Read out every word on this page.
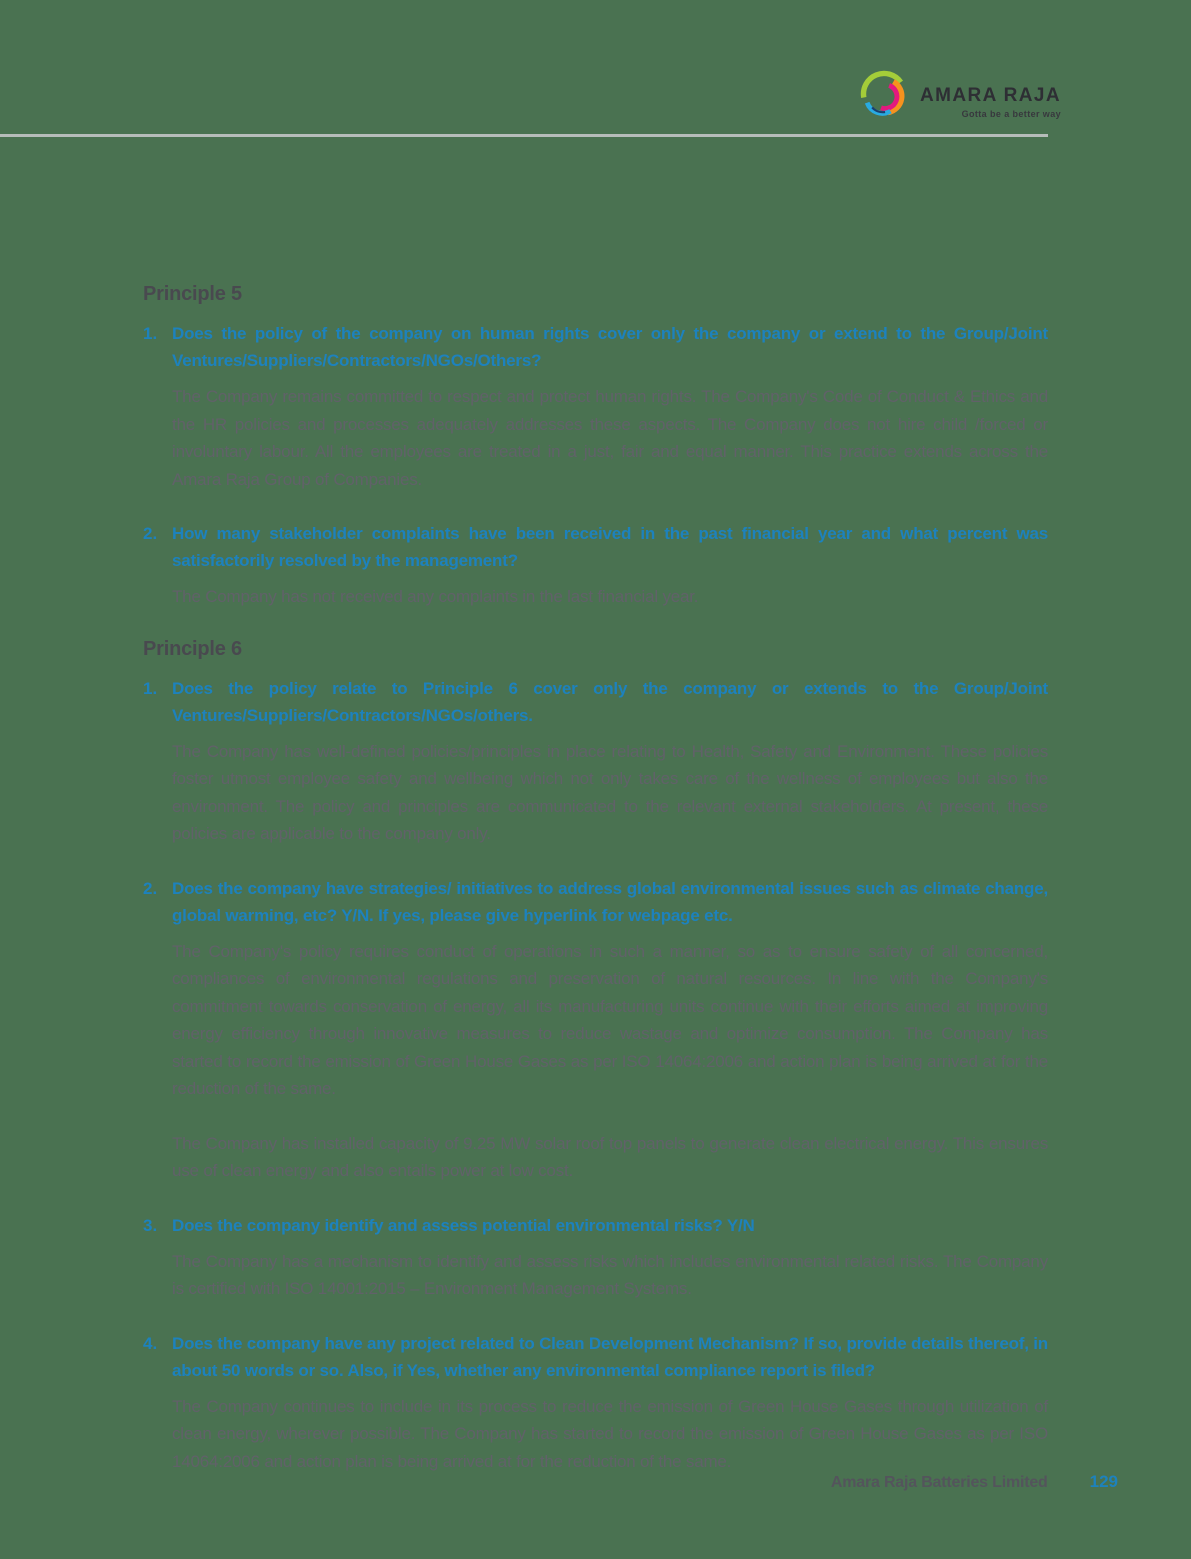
AMARA RAJA
Gotta be a better way
Principle 5
1. Does the policy of the company on human rights cover only the company or extend to the Group/Joint Ventures/Suppliers/Contractors/NGOs/Others?

The Company remains committed to respect and protect human rights. The Company's Code of Conduct & Ethics and the HR policies and processes adequately addresses these aspects. The Company does not hire child /forced or involuntary labour. All the employees are treated in a just, fair and equal manner. This practice extends across the Amara Raja Group of Companies.

2. How many stakeholder complaints have been received in the past financial year and what percent was satisfactorily resolved by the management?

The Company has not received any complaints in the last financial year.

Principle 6
1. Does the policy relate to Principle 6 cover only the company or extends to the Group/Joint Ventures/Suppliers/Contractors/NGOs/others.

The Company has well-defined policies/principles in place relating to Health, Safety and Environment. These policies foster utmost employee safety and wellbeing which not only takes care of the wellness of employees but also the environment. The policy and principles are communicated to the relevant external stakeholders. At present, these policies are applicable to the company only.

2. Does the company have strategies/ initiatives to address global environmental issues such as climate change, global warming, etc? Y/N. If yes, please give hyperlink for webpage etc.

The Company's policy requires conduct of operations in such a manner, so as to ensure safety of all concerned, compliances of environmental regulations and preservation of natural resources. In line with the Company's commitment towards conservation of energy, all its manufacturing units continue with their efforts aimed at improving energy efficiency through innovative measures to reduce wastage and optimize consumption. The Company has started to record the emission of Green House Gases as per ISO 14064:2006 and action plan is being arrived at for the reduction of the same.

The Company has installed capacity of 9.25 MW solar roof top panels to generate clean electrical energy. This ensures use of clean energy and also entails power at low cost.

3. Does the company identify and assess potential environmental risks? Y/N

The Company has a mechanism to identify and assess risks which includes environmental related risks. The Company is certified with ISO 14001:2015 – Environment Management Systems.

4. Does the company have any project related to Clean Development Mechanism? If so, provide details thereof, in about 50 words or so. Also, if Yes, whether any environmental compliance report is filed?

The Company continues to include in its process to reduce the emission of Green House Gases through utilization of clean energy, wherever possible. The Company has started to record the emission of Green House Gases as per ISO 14064:2006 and action plan is being arrived at for the reduction of the same.

Amara Raja Batteries Limited 129
